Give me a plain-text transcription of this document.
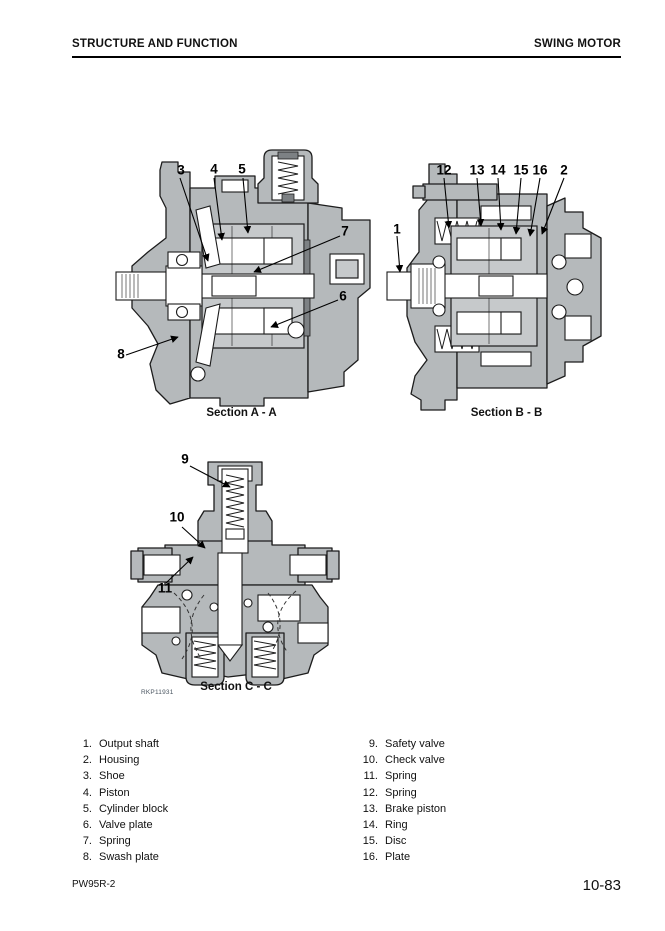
STRUCTURE AND FUNCTION	SWING MOTOR
3 4 5
7
6
8
12 13 14 15 16 2
1
9
10
11
Section A - A	Section B - B
Section C - C
RKP11931
1. Output shaft
2. Housing
3. Shoe
4. Piston
5. Cylinder block
6. Valve plate
7. Spring
8. Swash plate
9. Safety valve
10. Check valve
11. Spring
12. Spring
13. Brake piston
14. Ring
15. Disc
16. Plate
PW95R-2	10-83
